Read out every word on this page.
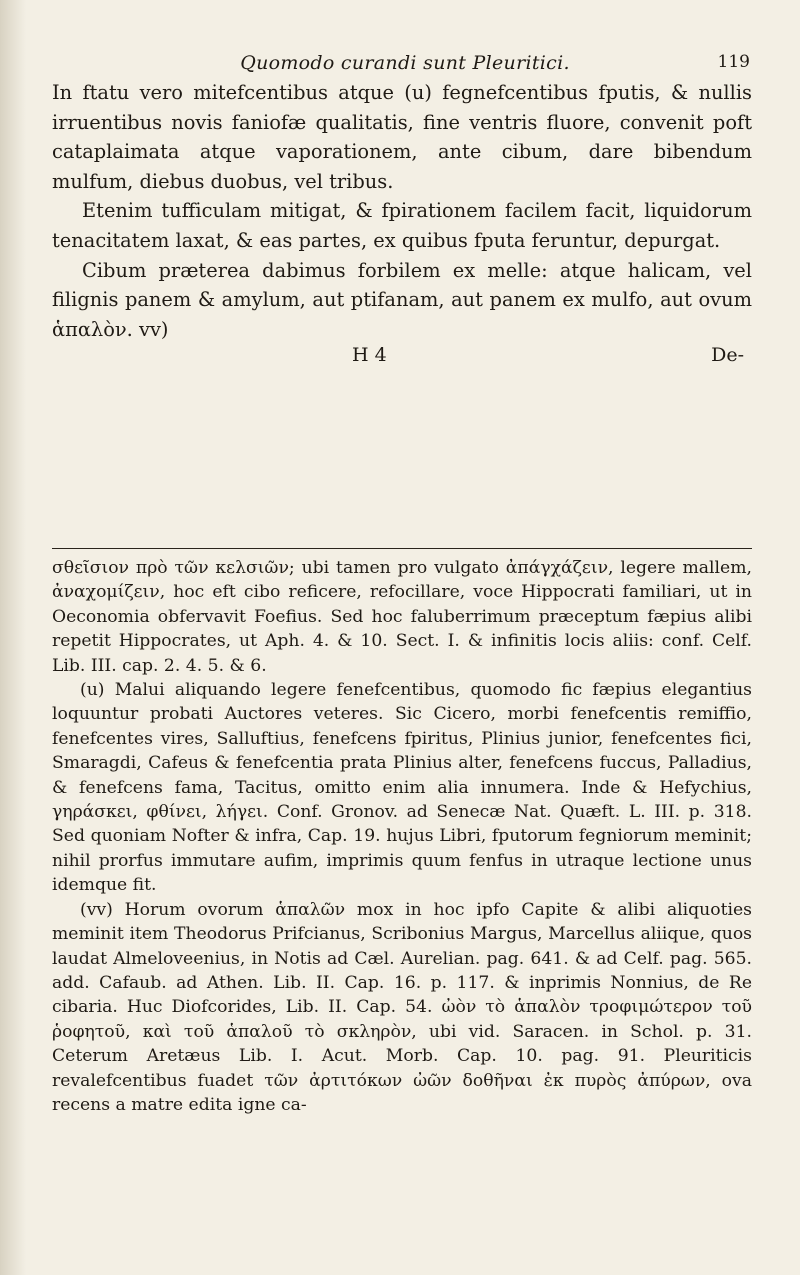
Quomodo curandi sunt Pleuritici.	119

In ftatu vero mitefcentibus atque (u) fegnefcentibus fputis, & nullis irruentibus novis faniofæ qualitatis, fine ventris fluore, convenit poft cataplaimata atque vaporationem, ante cibum, dare bibendum mulfum, diebus duobus, vel tribus.

Etenim tufficulam mitigat, & fpirationem facilem facit, liquidorum tenacitatem laxat, & eas partes, ex quibus fputa feruntur, depurgat.

Cibum præterea dabimus forbilem ex melle: atque halicam, vel filignis panem & amylum, aut ptifanam, aut panem ex mulfo, aut ovum ἁπαλὸν. vv)

H 4	De-

σθεῖσιον πρὸ τῶν κελσιῶν; ubi tamen pro vulgato ἀπάγχάζειν, legere mallem, ἀναχομίζειν, hoc eft cibo reficere, refocillare, voce Hippocrati familiari, ut in Oeconomia obfervavit Foefius. Sed hoc faluberrimum præceptum fæpius alibi repetit Hippocrates, ut Aph. 4. & 10. Sect. I. & infinitis locis aliis: conf. Celf. Lib. III. cap. 2. 4. 5. & 6.

(u) Malui aliquando legere fenefcentibus, quomodo fic fæpius elegantius loquuntur probati Auctores veteres. Sic Cicero, morbi fenefcentis remiffio, fenefcentes vires, Salluftius, fenefcens fpiritus, Plinius junior, fenefcentes fici, Smaragdi, Cafeus & fenefcentia prata Plinius alter, fenefcens fuccus, Palladius, & fenefcens fama, Tacitus, omitto enim alia innumera. Inde & Hefychius, γηράσκει, φθίνει, λήγει. Conf. Gronov. ad Senecæ Nat. Quæft. L. III. p. 318. Sed quoniam Nofter & infra, Cap. 19. hujus Libri, fputorum fegniorum meminit; nihil prorfus immutare aufim, imprimis quum fenfus in utraque lectione unus idemque fit.

(vv) Horum ovorum ἁπαλῶν mox in hoc ipfo Capite & alibi aliquoties meminit item Theodorus Prifcianus, Scribonius Margus, Marcellus aliique, quos laudat Almeloveenius, in Notis ad Cæl. Aurelian. pag. 641. & ad Celf. pag. 565. add. Cafaub. ad Athen. Lib. II. Cap. 16. p. 117. & inprimis Nonnius, de Re cibaria. Huc Diofcorides, Lib. II. Cap. 54. ὠὸν τὸ ἁπαλὸν τροφιμώτερον τοῦ ῥοφητοῦ, καὶ τοῦ ἁπαλοῦ τὸ σκληρὸν, ubi vid. Saracen. in Schol. p. 31. Ceterum Aretæus Lib. I. Acut. Morb. Cap. 10. pag. 91. Pleuriticis revalefcentibus fuadet τῶν ἀρτιτόκων ὠῶν δοθῆναι ἐκ πυρὸς ἀπύρων, ova recens a matre edita igne ca-
